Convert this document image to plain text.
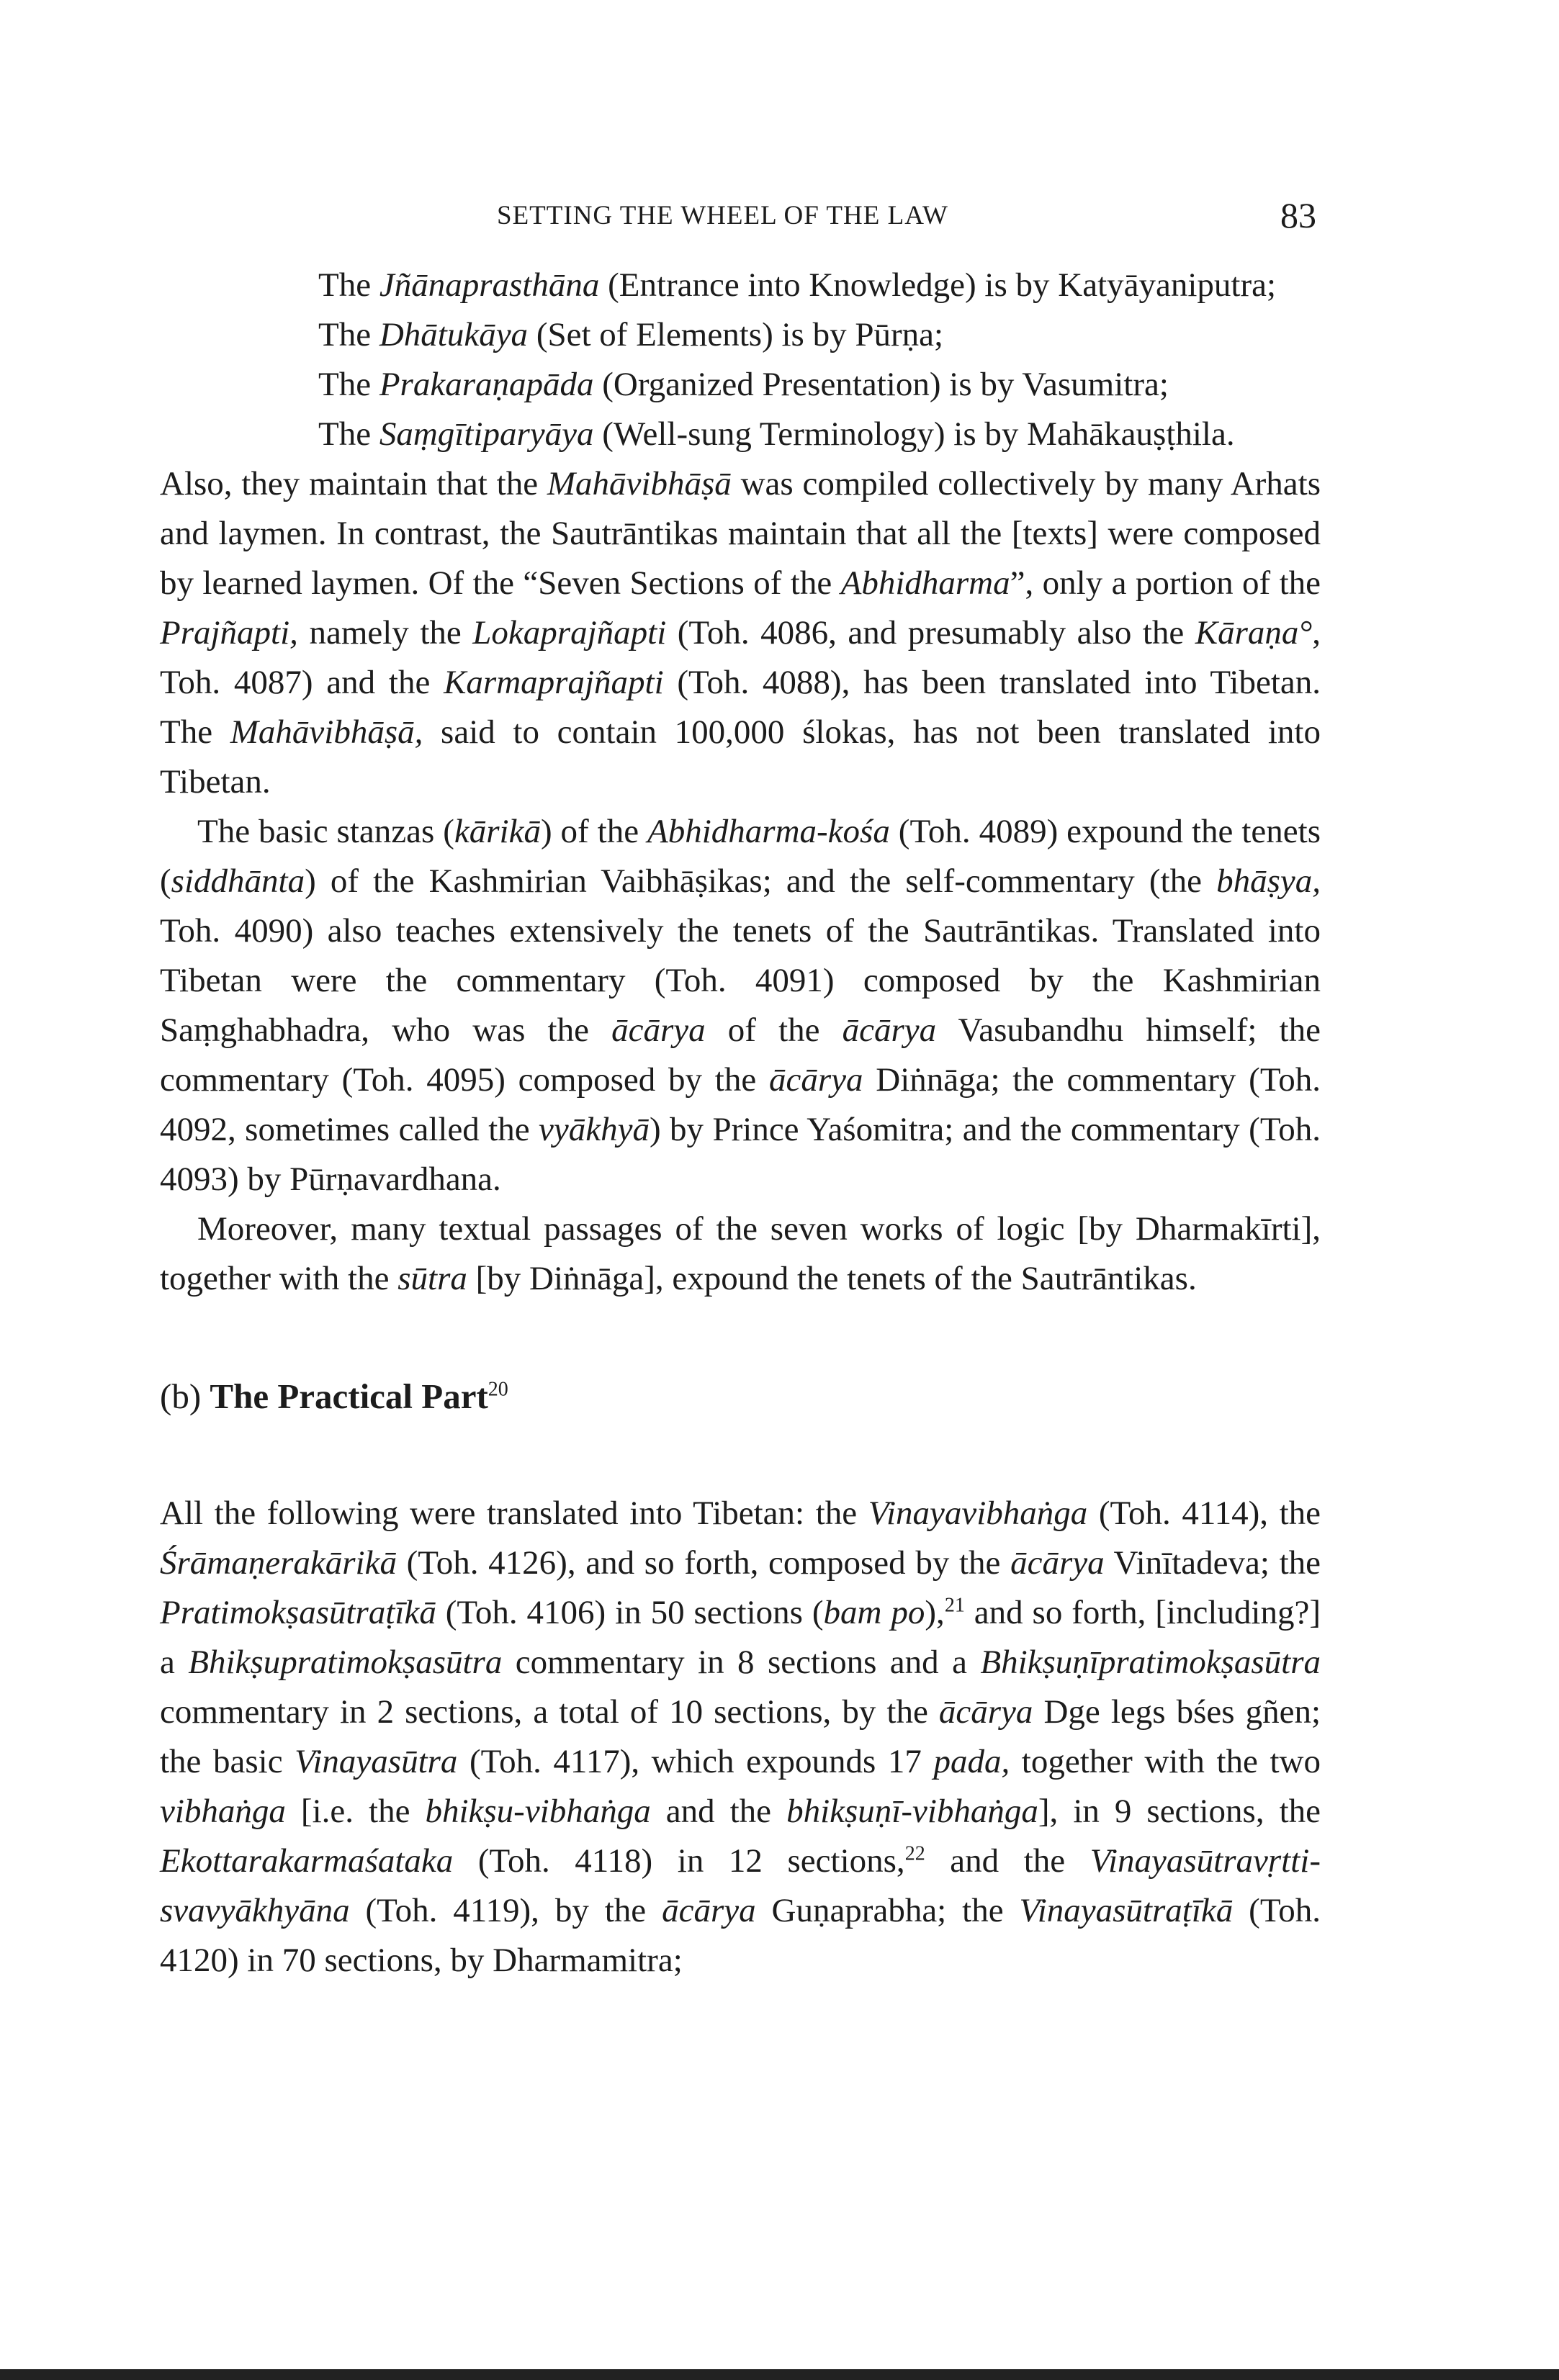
SETTING THE WHEEL OF THE LAW	83
The Jñānaprasthāna (Entrance into Knowledge) is by Katyāyaniputra;
The Dhātukāya (Set of Elements) is by Pūrṇa;
The Prakaraṇapāda (Organized Presentation) is by Vasumitra;
The Saṃgītiparyāya (Well-sung Terminology) is by Mahākauṣṭhila.

Also, they maintain that the Mahāvibhāṣā was compiled collectively by many Arhats and laymen. In contrast, the Sautrāntikas maintain that all the [texts] were composed by learned laymen. Of the “Seven Sections of the Abhidharma”, only a portion of the Prajñapti, namely the Lokaprajñapti (Toh. 4086, and presumably also the Kāraṇa°, Toh. 4087) and the Karmaprajñapti (Toh. 4088), has been translated into Tibetan. The Mahāvibhāṣā, said to contain 100,000 ślokas, has not been translated into Tibetan.

The basic stanzas (kārikā) of the Abhidharma-kośa (Toh. 4089) expound the tenets (siddhānta) of the Kashmirian Vaibhāṣikas; and the self-commentary (the bhāṣya, Toh. 4090) also teaches extensively the tenets of the Sautrāntikas. Translated into Tibetan were the commentary (Toh. 4091) composed by the Kashmirian Saṃghabhadra, who was the ācārya of the ācārya Vasubandhu himself; the commentary (Toh. 4095) composed by the ācārya Diṅnāga; the commentary (Toh. 4092, sometimes called the vyākhyā) by Prince Yaśomitra; and the commentary (Toh. 4093) by Pūrṇavardhana.

Moreover, many textual passages of the seven works of logic [by Dharmakīrti], together with the sūtra [by Diṅnāga], expound the tenets of the Sautrāntikas.

(b) The Practical Part$^{20}$

All the following were translated into Tibetan: the Vinayavibhaṅga (Toh. 4114), the Śrāmaṇerakārikā (Toh. 4126), and so forth, composed by the ācārya Vinītadeva; the Pratimokṣasūtraṭīkā (Toh. 4106) in 50 sections (bam po),$^{21}$ and so forth, [including?] a Bhikṣupratimokṣasūtra commentary in 8 sections and a Bhikṣuṇīpratimokṣasūtra commentary in 2 sections, a total of 10 sections, by the ācārya Dge legs bśes gñen; the basic Vinayasūtra (Toh. 4117), which expounds 17 pada, together with the two vibhaṅga [i.e. the bhikṣu-vibhaṅga and the bhikṣuṇī-vibhaṅga], in 9 sections, the Ekottarakarmaśataka (Toh. 4118) in 12 sections,$^{22}$ and the Vinayasūtravṛtti-svavyākhyāna (Toh. 4119), by the ācārya Guṇaprabha; the Vinayasūtraṭīkā (Toh. 4120) in 70 sections, by Dharmamitra;
